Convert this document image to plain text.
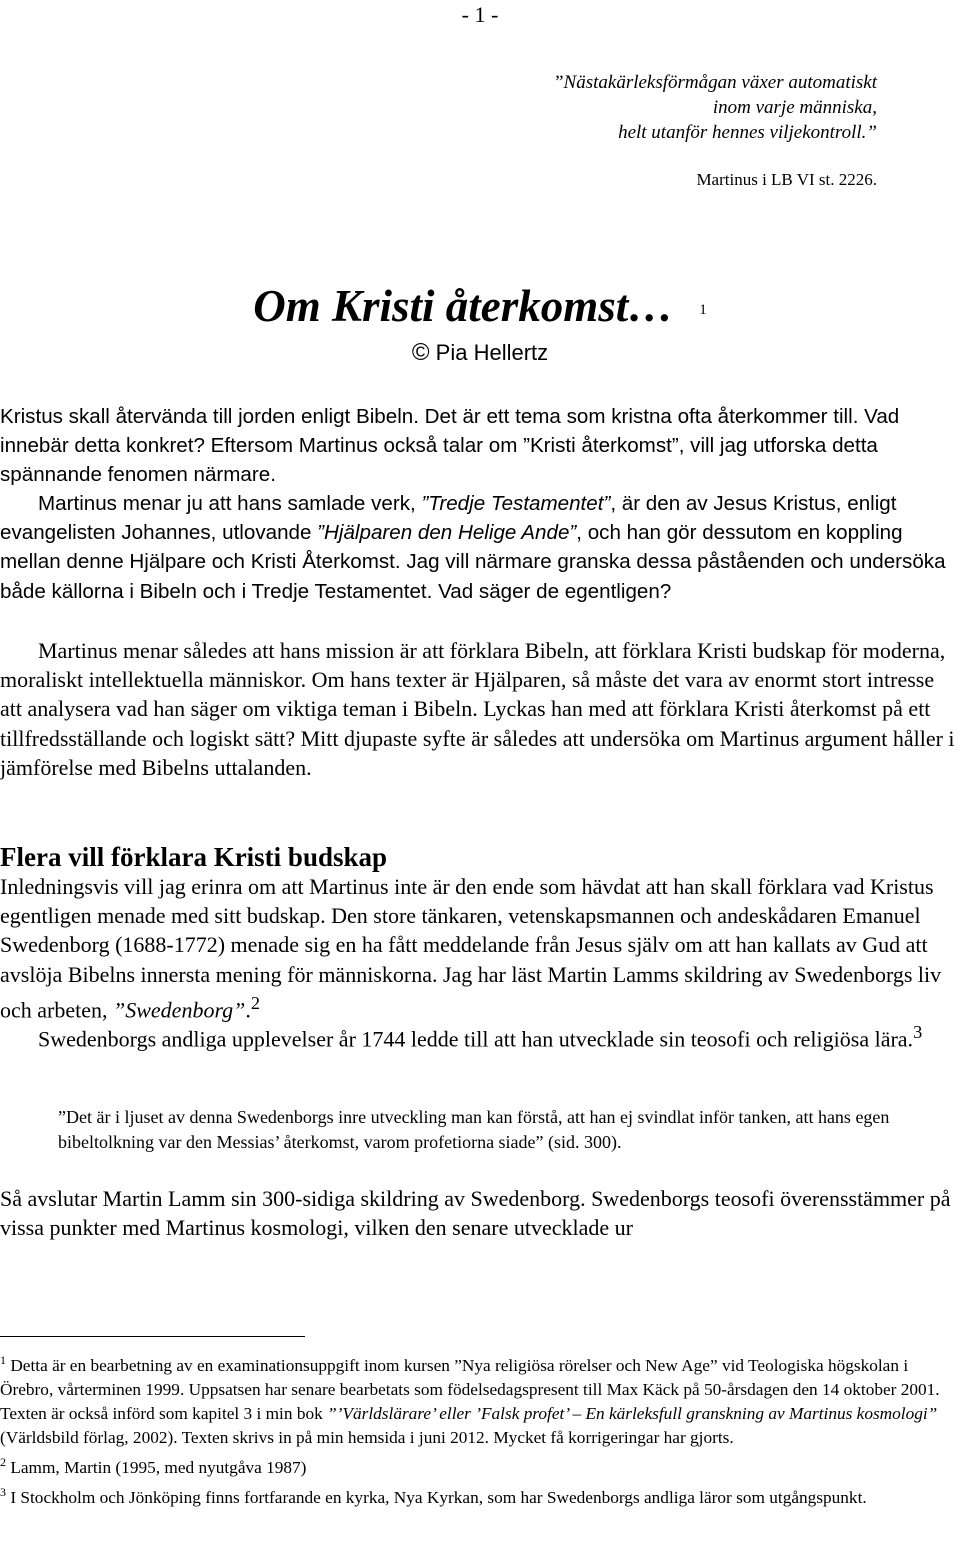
- 1 -
”Nästakärleksförmågan växer automatiskt
inom varje människa,
helt utanför hennes viljekontroll.”
Martinus i LB VI st. 2226.
Om Kristi återkomst… $^1$
© Pia Hellertz

Kristus skall återvända till jorden enligt Bibeln. Det är ett tema som kristna ofta återkommer till. Vad innebär detta konkret? Eftersom Martinus också talar om ”Kristi återkomst”, vill jag utforska detta spännande fenomen närmare.

Martinus menar ju att hans samlade verk, ”Tredje Testamentet”, är den av Jesus Kristus, enligt evangelisten Johannes, utlovande ”Hjälparen den Helige Ande”, och han gör dessutom en koppling mellan denne Hjälpare och Kristi Återkomst. Jag vill närmare granska dessa påståenden och undersöka både källorna i Bibeln och i Tredje Testamentet. Vad säger de egentligen?

Martinus menar således att hans mission är att förklara Bibeln, att förklara Kristi budskap för moderna, moraliskt intellektuella människor. Om hans texter är Hjälparen, så måste det vara av enormt stort intresse att analysera vad han säger om viktiga teman i Bibeln. Lyckas han med att förklara Kristi återkomst på ett tillfredsställande och logiskt sätt? Mitt djupaste syfte är således att undersöka om Martinus argument håller i jämförelse med Bibelns uttalanden.

Flera vill förklara Kristi budskap

Inledningsvis vill jag erinra om att Martinus inte är den ende som hävdat att han skall förklara vad Kristus egentligen menade med sitt budskap. Den store tänkaren, vetenskapsmannen och andeskådaren Emanuel Swedenborg (1688-1772) menade sig en ha fått meddelande från Jesus själv om att han kallats av Gud att avslöja Bibelns innersta mening för människorna. Jag har läst Martin Lamms skildring av Swedenborgs liv och arbeten, ”Swedenborg”.$^2$

Swedenborgs andliga upplevelser år 1744 ledde till att han utvecklade sin teosofi och religiösa lära.$^3$

”Det är i ljuset av denna Swedenborgs inre utveckling man kan förstå, att han ej svindlat inför tanken, att hans egen bibeltolkning var den Messias’ återkomst, varom profetiorna siade” (sid. 300).

Så avslutar Martin Lamm sin 300-sidiga skildring av Swedenborg. Swedenborgs teosofi överensstämmer på vissa punkter med Martinus kosmologi, vilken den senare utvecklade ur

$^1$ Detta är en bearbetning av en examinationsuppgift inom kursen ”Nya religiösa rörelser och New Age” vid Teologiska högskolan i Örebro, vårterminen 1999. Uppsatsen har senare bearbetats som födelsedagspresent till Max Käck på 50-årsdagen den 14 oktober 2001. Texten är också införd som kapitel 3 i min bok ”’Världslärare’ eller ’Falsk profet’ – En kärleksfull granskning av Martinus kosmologi” (Världsbild förlag, 2002). Texten skrivs in på min hemsida i juni 2012. Mycket få korrigeringar har gjorts.

$^2$ Lamm, Martin (1995, med nyutgåva 1987)

$^3$ I Stockholm och Jönköping finns fortfarande en kyrka, Nya Kyrkan, som har Swedenborgs andliga läror som utgångspunkt.
